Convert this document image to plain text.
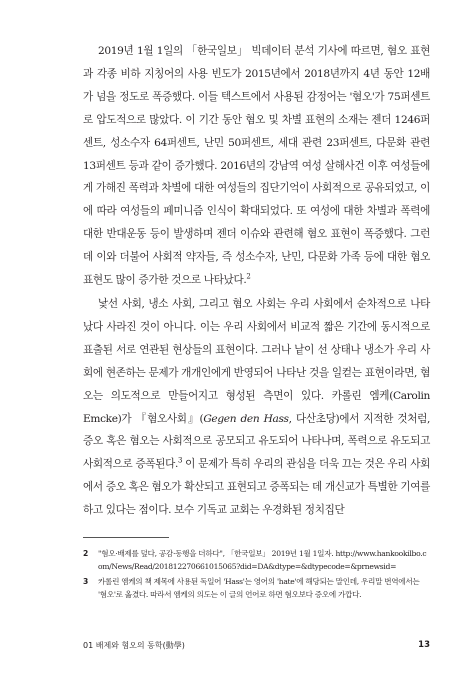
2019년 1월 1일의 「한국일보」 빅데이터 분석 기사에 따르면, 혐오 표현과 각종 비하 지칭어의 사용 빈도가 2015년에서 2018년까지 4년 동안 12배가 넘을 정도로 폭증했다. 이들 텍스트에서 사용된 감정어는 '혐오'가 75퍼센트로 압도적으로 많았다. 이 기간 동안 혐오 및 차별 표현의 소재는 젠더 1246퍼센트, 성소수자 64퍼센트, 난민 50퍼센트, 세대 관련 23퍼센트, 다문화 관련 13퍼센트 등과 같이 증가했다. 2016년의 강남역 여성 살해사건 이후 여성들에게 가해진 폭력과 차별에 대한 여성들의 집단기억이 사회적으로 공유되었고, 이에 따라 여성들의 페미니즘 인식이 확대되었다. 또 여성에 대한 차별과 폭력에 대한 반대운동 등이 발생하며 젠더 이슈와 관련해 혐오 표현이 폭증했다. 그런데 이와 더불어 사회적 약자들, 즉 성소수자, 난민, 다문화 가족 등에 대한 혐오 표현도 많이 증가한 것으로 나타났다.$^2$

낯선 사회, 냉소 사회, 그리고 혐오 사회는 우리 사회에서 순차적으로 나타났다 사라진 것이 아니다. 이는 우리 사회에서 비교적 짧은 기간에 동시적으로 표출된 서로 연관된 현상들의 표현이다. 그러나 낱이 선 상태나 냉소가 우리 사회에 현존하는 문제가 개개인에게 반영되어 나타난 것을 일컫는 표현이라면, 혐오는 의도적으로 만들어지고 형성된 측면이 있다. 카롤린 엠케(Carolin Emcke)가 『혐오사회』(Gegen den Hass, 다산초당)에서 지적한 것처럼, 증오 혹은 혐오는 사회적으로 공모되고 유도되어 나타나며, 폭력으로 유도되고 사회적으로 증폭된다.$^3$ 이 문제가 특히 우리의 관심을 더욱 끄는 것은 우리 사회에서 증오 혹은 혐오가 확산되고 표현되고 증폭되는 데 개신교가 특별한 기여를 하고 있다는 점이다. 보수 기독교 교회는 우경화된 정치집단

2	"혐오·배제를 덮다, 공감·동행을 더하다", 「한국일보」 2019년 1월 1일자. http://www.hankookilbo.com/News/Read/201812270661015065?did=DA&dtype=&dtypecode=&prnewsid=
3	카롤린 엠케의 책 제목에 사용된 독일어 'Hass'는 영어의 'hate'에 해당되는 말인데, 우리말 번역에서는 '혐오'로 옮겼다. 따라서 엠케의 의도는 이 글의 언어로 하면 혐오보다 증오에 가깝다.
01 배제와 혐오의 동학(動學)	13
